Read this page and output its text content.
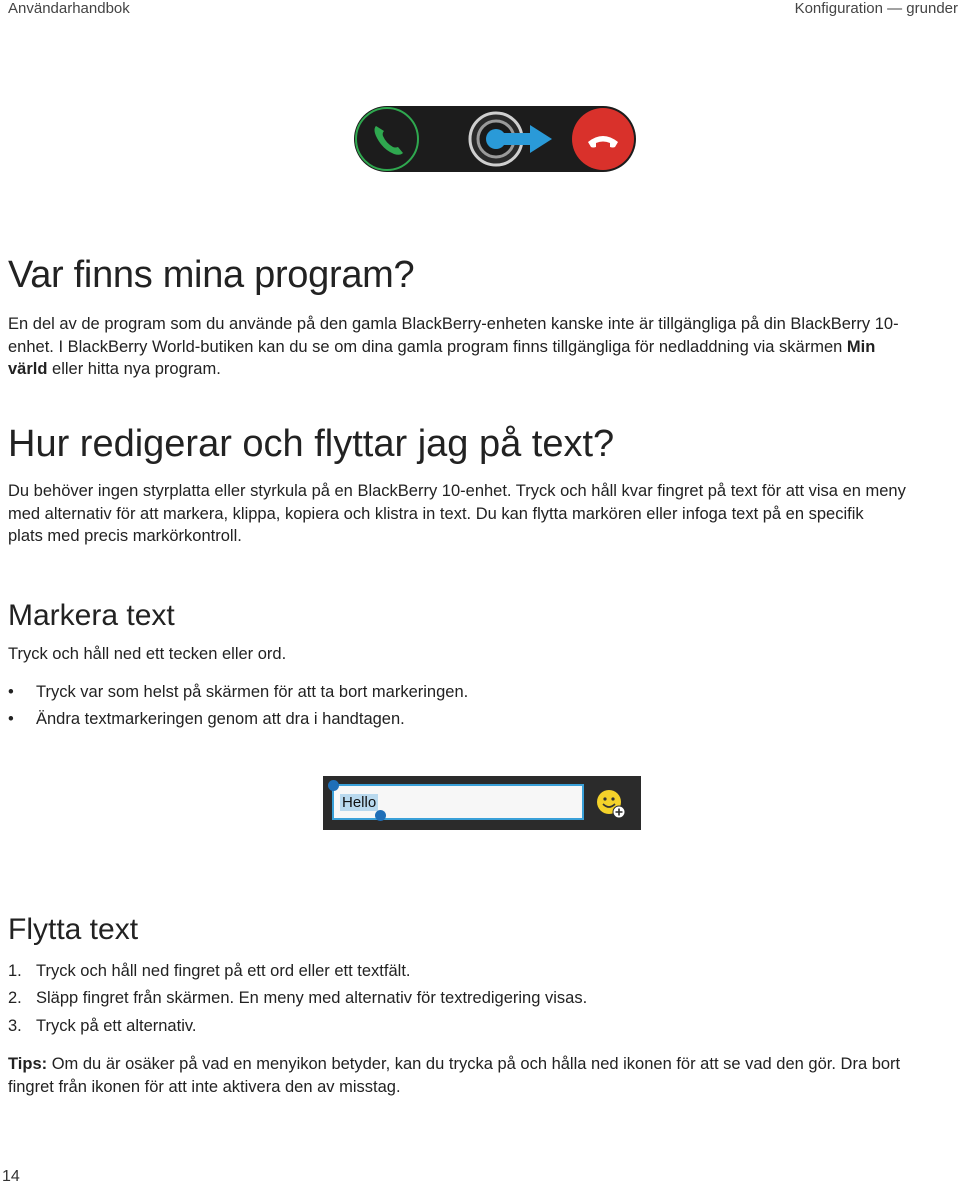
Användarhandbok	Konfiguration — grunder
Var finns mina program?

En del av de program som du använde på den gamla BlackBerry-enheten kanske inte är tillgängliga på din BlackBerry 10-
enhet. I BlackBerry World-butiken kan du se om dina gamla program finns tillgängliga för nedladdning via skärmen Min
värld eller hitta nya program.

Hur redigerar och flyttar jag på text?

Du behöver ingen styrplatta eller styrkula på en BlackBerry 10-enhet. Tryck och håll kvar fingret på text för att visa en meny
med alternativ för att markera, klippa, kopiera och klistra in text. Du kan flytta markören eller infoga text på en specifik
plats med precis markörkontroll.

Markera text

Tryck och håll ned ett tecken eller ord.

• Tryck var som helst på skärmen för att ta bort markeringen.
• Ändra textmarkeringen genom att dra i handtagen.
Hello
Flytta text
1. Tryck och håll ned fingret på ett ord eller ett textfält.
2. Släpp fingret från skärmen. En meny med alternativ för textredigering visas.
3. Tryck på ett alternativ.

Tips: Om du är osäker på vad en menyikon betyder, kan du trycka på och hålla ned ikonen för att se vad den gör. Dra bort
fingret från ikonen för att inte aktivera den av misstag.

14
